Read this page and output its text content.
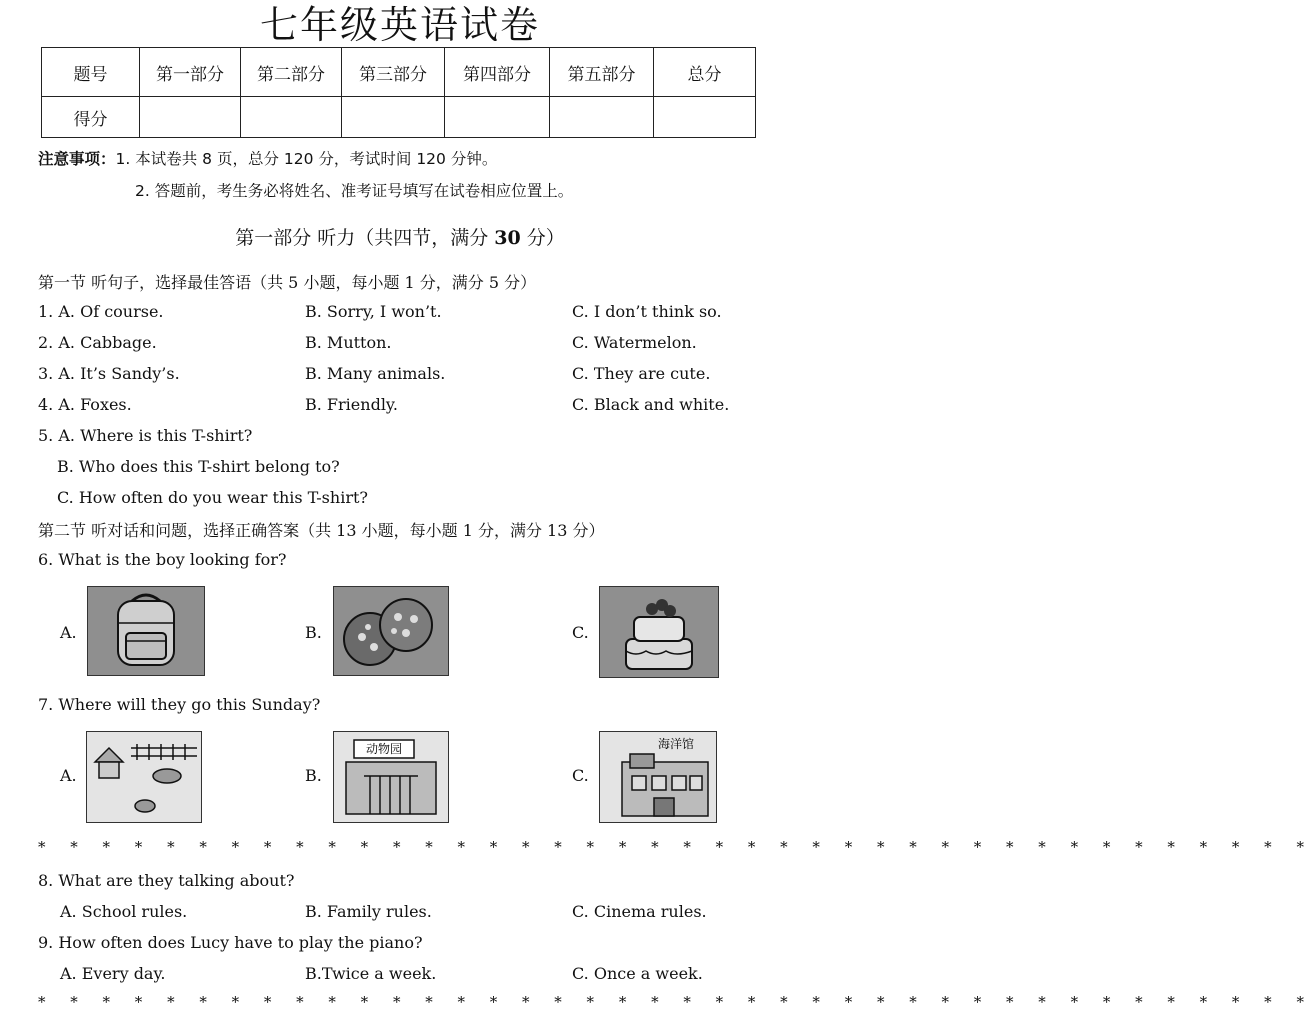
七年级英语试卷
题号	第一部分	第二部分	第三部分	第四部分	第五部分	总分
得分						
注意事项：1. 本试卷共 8 页，总分 120 分，考试时间 120 分钟。
2. 答题前，考生务必将姓名、准考证号填写在试卷相应位置上。
第一部分 听力（共四节，满分 30 分）
第一节 听句子，选择最佳答语（共 5 小题，每小题 1 分，满分 5 分）
1. A. Of course.	B. Sorry, I won’t.	C. I don’t think so.
2. A. Cabbage.	B. Mutton.	C. Watermelon.
3. A. It’s Sandy’s.	B. Many animals.	C. They are cute.
4. A. Foxes.	B. Friendly.	C. Black and white.
5. A. Where is this T-shirt?
B. Who does this T-shirt belong to?
C. How often do you wear this T-shirt?
第二节 听对话和问题，选择正确答案（共 13 小题，每小题 1 分，满分 13 分）
6. What is the boy looking for?
A.	B.	C.
7. Where will they go this Sunday?
A.	B.
动物园
C.
海洋馆
* * * * * * * * * * * * * * * * * * * * * * * * * * * * * * * * * * * * * * * *
8. What are they talking about?
A. School rules.	B. Family rules.	C. Cinema rules.
9. How often does Lucy have to play the piano?
A. Every day.	B.Twice a week.	C. Once a week.
* * * * * * * * * * * * * * * * * * * * * * * * * * * * * * * * * * * * * * * *
